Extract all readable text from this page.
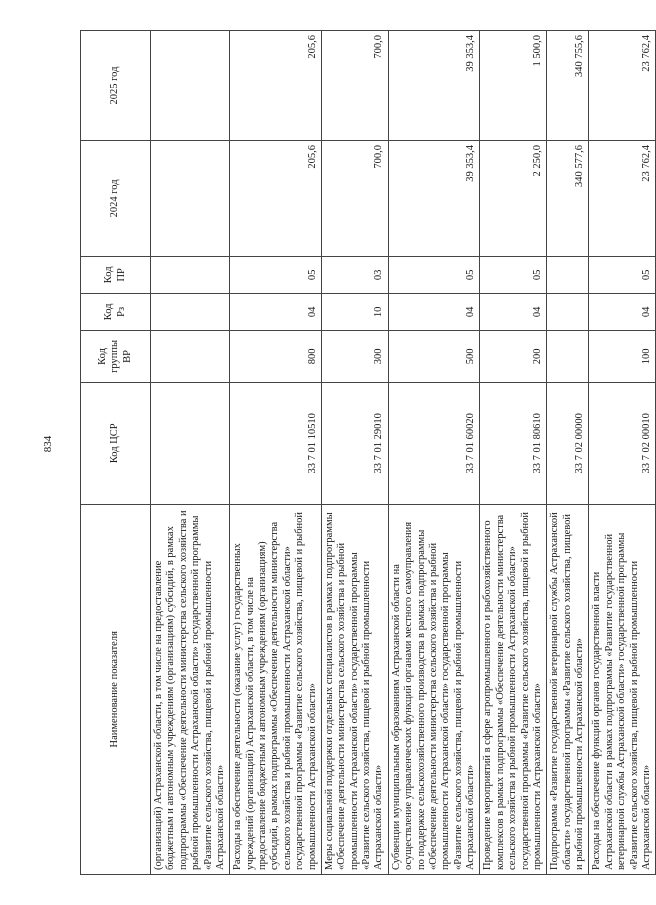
834
Наименование показателя	Код ЦСР	Код группы ВР	Код Рз	Код ПР	2024 год	2025 год
(организаций) Астраханской области, в том числе на предоставление бюджетным и автономным учреждениям (организациям) субсидий, в рамках подпрограммы «Обеспечение деятельности министерства сельского хозяйства и рыбной промышленности Астраханской области» государственной программы «Развитие сельского хозяйства, пищевой и рыбной промышленности Астраханской области»						
Расходы на обеспечение деятельности (оказание услуг) государственных учреждений (организаций) Астраханской области, в том числе на предоставление бюджетным и автономным учреждениям (организациям) субсидий, в рамках подпрограммы «Обеспечение деятельности министерства сельского хозяйства и рыбной промышленности Астраханской области» государственной программы «Развитие сельского хозяйства, пищевой и рыбной промышленности Астраханской области»	33 7 01 10510	800	04	05	205,6	205,6
Меры социальной поддержки отдельных специалистов в рамках подпрограммы «Обеспечение деятельности министерства сельского хозяйства и рыбной промышленности Астраханской области» государственной программы «Развитие сельского хозяйства, пищевой и рыбной промышленности Астраханской области»	33 7 01 29010	300	10	03	700,0	700,0
Субвенции муниципальным образованиям Астраханской области на осуществление управленческих функций органами местного самоуправления по поддержке сельскохозяйственного производства в рамках подпрограммы «Обеспечение деятельности министерства сельского хозяйства и рыбной промышленности Астраханской области» государственной программы «Развитие сельского хозяйства, пищевой и рыбной промышленности Астраханской области»	33 7 01 60020	500	04	05	39 353,4	39 353,4
Проведение мероприятий в сфере агропромышленного и рыбохозяйственного комплексов в рамках подпрограммы «Обеспечение деятельности министерства сельского хозяйства и рыбной промышленности Астраханской области» государственной программы «Развитие сельского хозяйства, пищевой и рыбной промышленности Астраханской области»	33 7 01 80610	200	04	05	2 250,0	1 500,0
Подпрограмма «Развитие государственной ветеринарной службы Астраханской области» государственной программы «Развитие сельского хозяйства, пищевой и рыбной промышленности Астраханской области»	33 7 02 00000				340 577,6	340 755,6
Расходы на обеспечение функций органов государственной власти Астраханской области в рамках подпрограммы «Развитие государственной ветеринарной службы Астраханской области» государственной программы «Развитие сельского хозяйства, пищевой и рыбной промышленности Астраханской области»	33 7 02 00010	100	04	05	23 762,4	23 762,4
